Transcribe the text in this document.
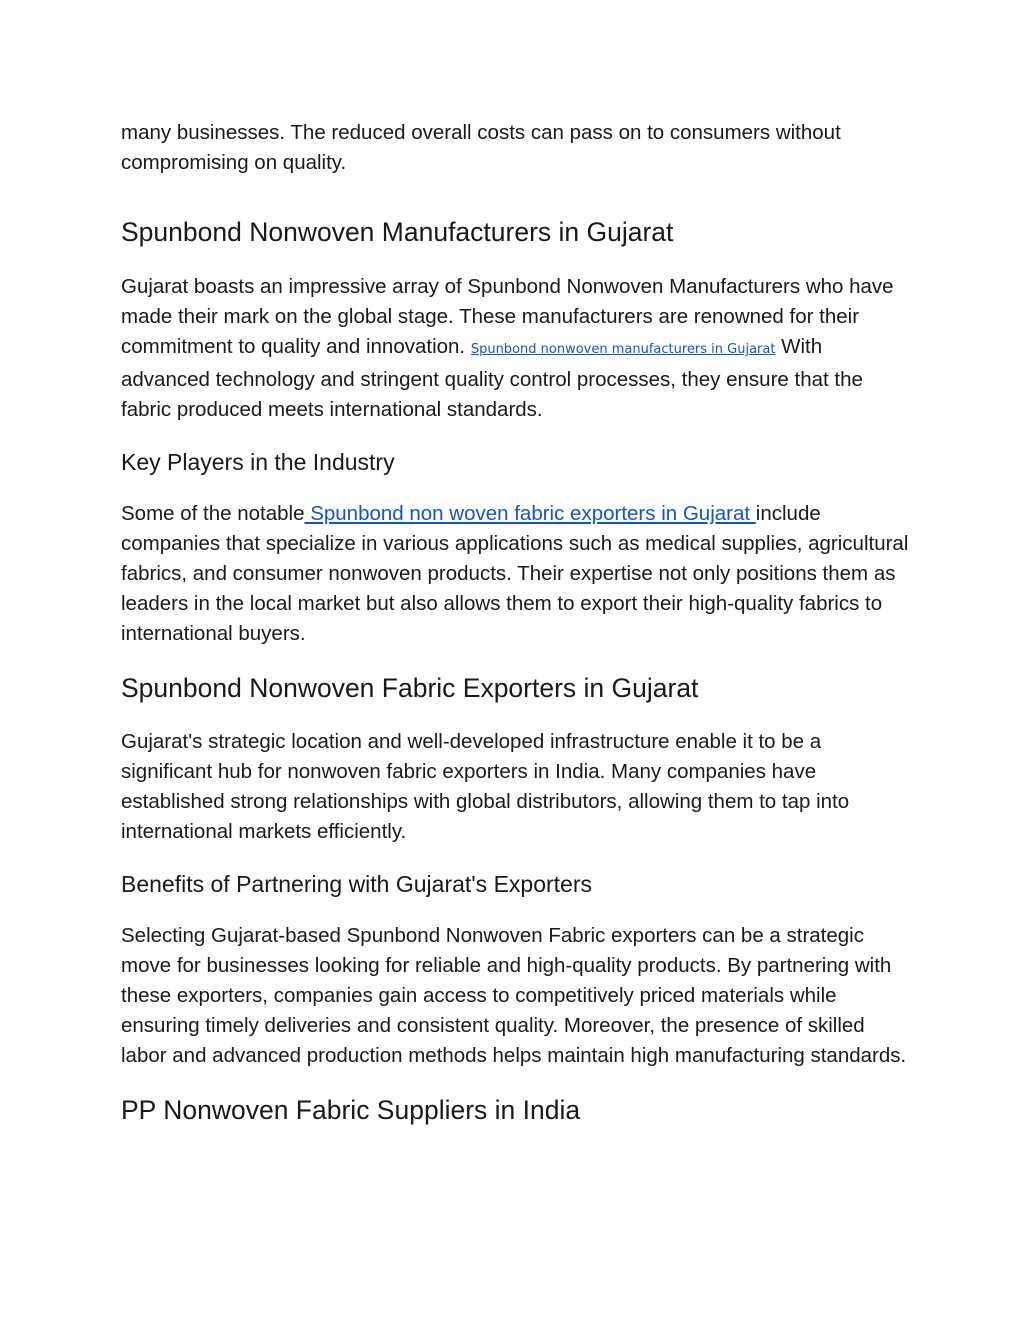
many businesses. The reduced overall costs can pass on to consumers without compromising on quality.

Spunbond Nonwoven Manufacturers in Gujarat

Gujarat boasts an impressive array of Spunbond Nonwoven Manufacturers who have made their mark on the global stage. These manufacturers are renowned for their commitment to quality and innovation. Spunbond nonwoven manufacturers in Gujarat With advanced technology and stringent quality control processes, they ensure that the fabric produced meets international standards.

Key Players in the Industry

Some of the notable Spunbond non woven fabric exporters in Gujarat include companies that specialize in various applications such as medical supplies, agricultural fabrics, and consumer nonwoven products. Their expertise not only positions them as leaders in the local market but also allows them to export their high-quality fabrics to international buyers.

Spunbond Nonwoven Fabric Exporters in Gujarat

Gujarat's strategic location and well-developed infrastructure enable it to be a significant hub for nonwoven fabric exporters in India. Many companies have established strong relationships with global distributors, allowing them to tap into international markets efficiently.

Benefits of Partnering with Gujarat's Exporters

Selecting Gujarat-based Spunbond Nonwoven Fabric exporters can be a strategic move for businesses looking for reliable and high-quality products. By partnering with these exporters, companies gain access to competitively priced materials while ensuring timely deliveries and consistent quality. Moreover, the presence of skilled labor and advanced production methods helps maintain high manufacturing standards.

PP Nonwoven Fabric Suppliers in India
